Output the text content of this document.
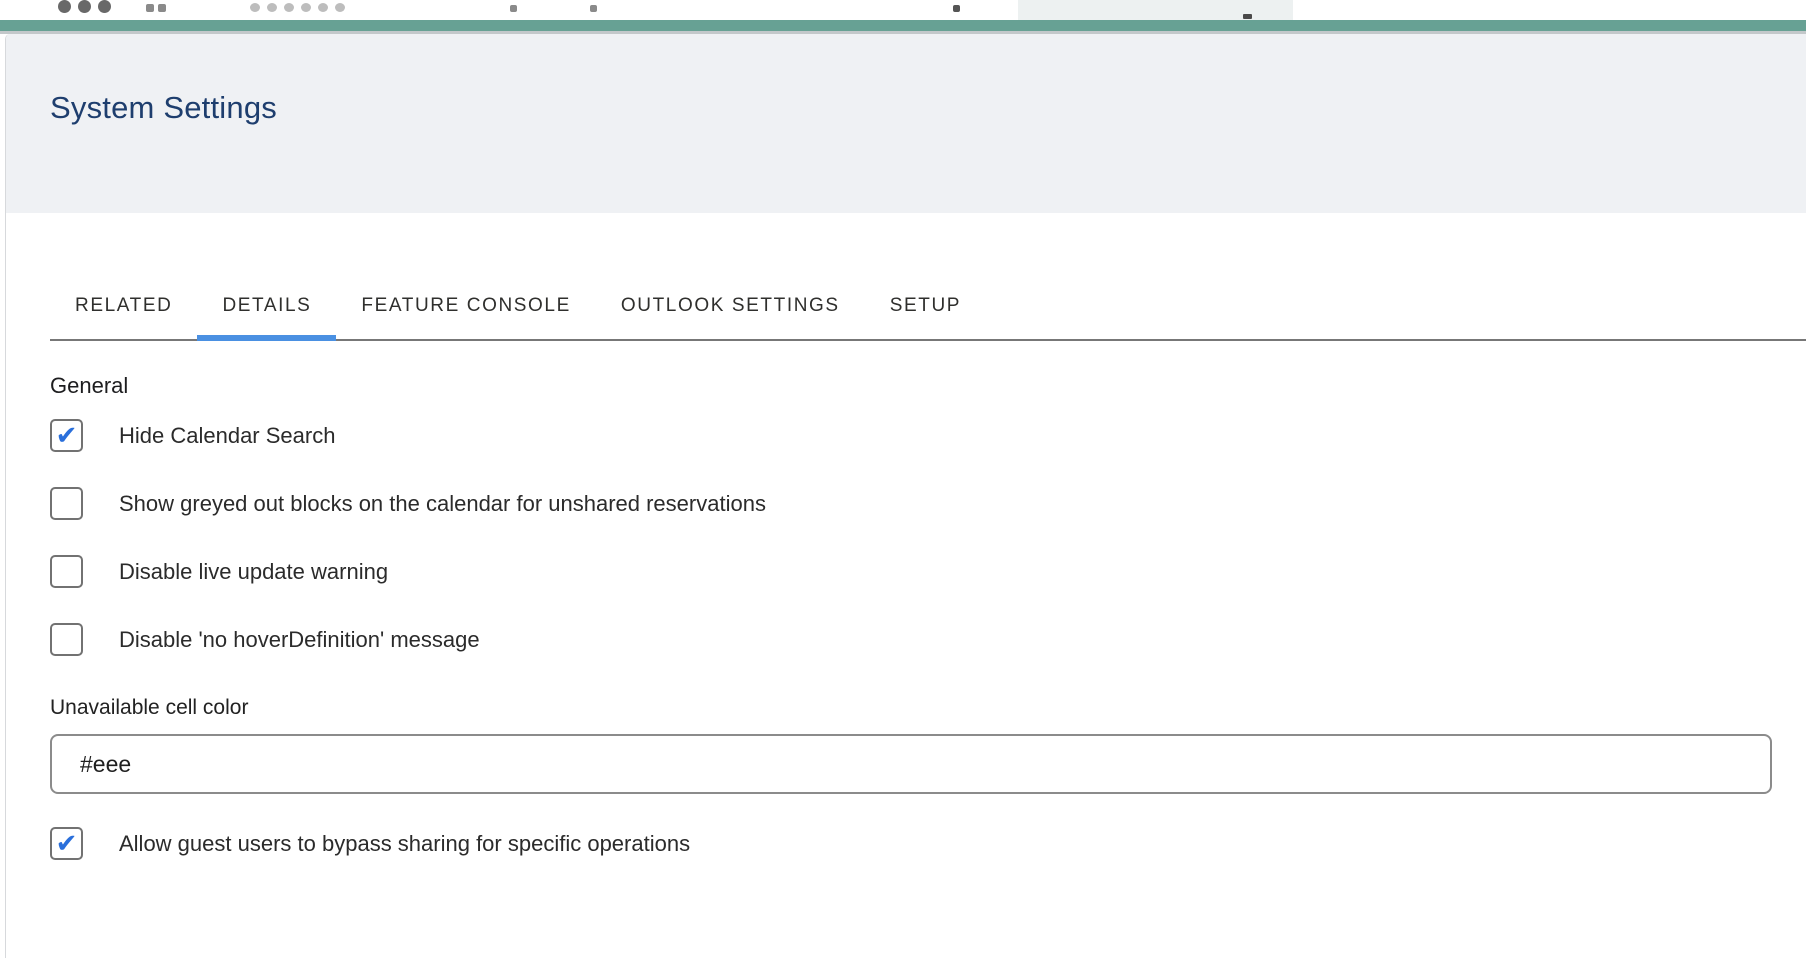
System Settings
RELATED	DETAILS	FEATURE CONSOLE	OUTLOOK SETTINGS	SETUP
General
✔ Hide Calendar Search
Show greyed out blocks on the calendar for unshared reservations
Disable live update warning
Disable 'no hoverDefinition' message
Unavailable cell color
#eee
✔ Allow guest users to bypass sharing for specific operations
